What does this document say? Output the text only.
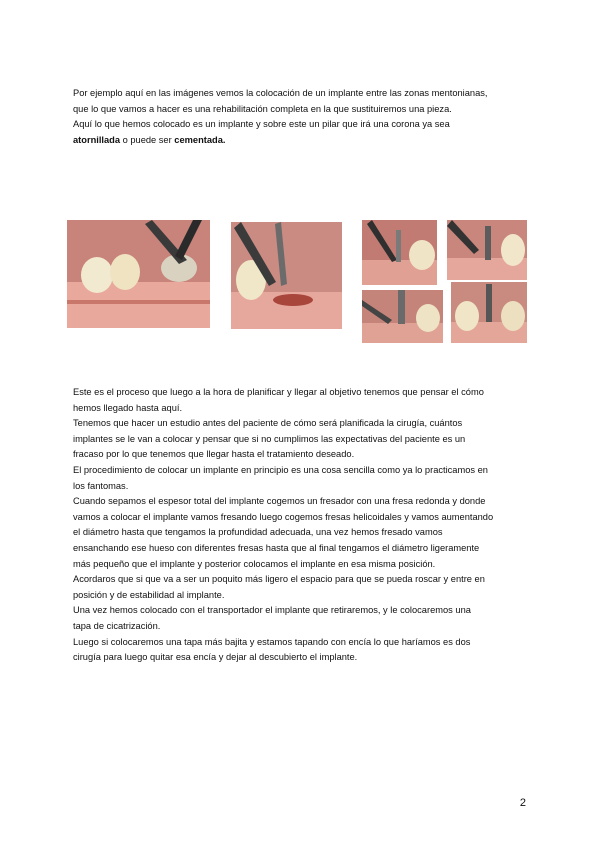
Por ejemplo aquí en las imágenes vemos la colocación de un implante entre las zonas mentonianas,
que lo que vamos a hacer es una rehabilitación completa en la que sustituiremos una pieza.
Aquí lo que hemos colocado es un implante y sobre este un pilar que irá una corona ya sea
atornillada o puede ser cementada.

Este es el proceso que luego a la hora de planificar y llegar al objetivo tenemos que pensar el cómo
hemos llegado hasta aquí.
Tenemos que hacer un estudio antes del paciente de cómo será planificada la cirugía, cuántos
implantes se le van a colocar y pensar que si no cumplimos las expectativas del paciente es un
fracaso por lo que tenemos que llegar hasta el tratamiento deseado.
El procedimiento de colocar un implante en principio es una cosa sencilla como ya lo practicamos en
los fantomas.
Cuando sepamos el espesor total del implante cogemos un fresador con una fresa redonda y donde
vamos a colocar el implante vamos fresando luego cogemos fresas helicoidales y vamos aumentando
el diámetro hasta que tengamos la profundidad adecuada, una vez hemos fresado vamos
ensanchando ese hueso con diferentes fresas hasta que al final tengamos el diámetro ligeramente
más pequeño que el implante y posterior colocamos el implante en esa misma posición.
Acordaros que si que va a ser un poquito más ligero el espacio para que se pueda roscar y entre en
posición y de estabilidad al implante.
Una vez hemos colocado con el transportador el implante que retiraremos, y le colocaremos una
tapa de cicatrización.
Luego si colocaremos una tapa más bajita y estamos tapando con encía lo que haríamos es dos
cirugía para luego quitar esa encía y dejar al descubierto el implante.
2
